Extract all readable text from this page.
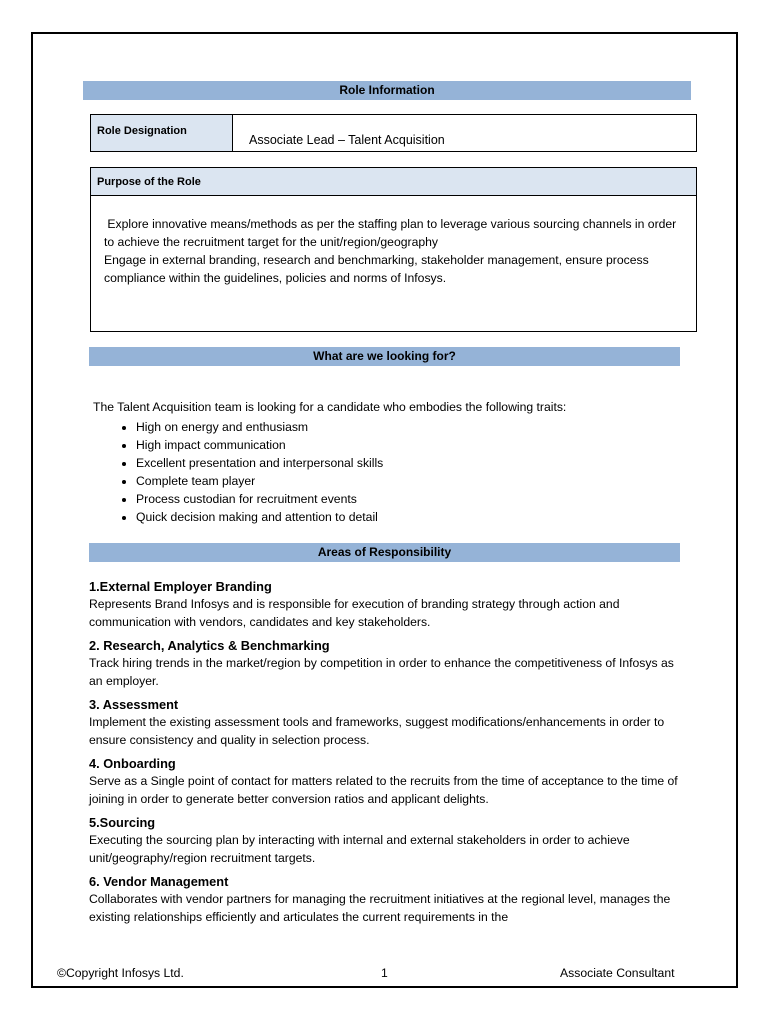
Role Information
Role Designation
Associate Lead – Talent Acquisition
Purpose of the Role

Explore innovative means/methods as per the staffing plan to leverage various sourcing channels in order to achieve the recruitment target for the unit/region/geography

Engage in external branding, research and benchmarking, stakeholder management, ensure process compliance within the guidelines, policies and norms of Infosys.

What are we looking for?
The Talent Acquisition team is looking for a candidate who embodies the following traits:
• High on energy and enthusiasm
• High impact communication
• Excellent presentation and interpersonal skills
• Complete team player
• Process custodian for recruitment events
• Quick decision making and attention to detail
Areas of Responsibility
1.External Employer Branding

Represents Brand Infosys and is responsible for execution of branding strategy through action and communication with vendors, candidates and key stakeholders.

2. Research, Analytics & Benchmarking

Track hiring trends in the market/region by competition in order to enhance the competitiveness of Infosys as an employer.

3. Assessment

Implement the existing assessment tools and frameworks, suggest modifications/enhancements in order to ensure consistency and quality in selection process.

4. Onboarding

Serve as a Single point of contact for matters related to the recruits from the time of acceptance to the time of joining in order to generate better conversion ratios and applicant delights.

5.Sourcing

Executing the sourcing plan by interacting with internal and external stakeholders in order to achieve unit/geography/region recruitment targets.

6. Vendor Management

Collaborates with vendor partners for managing the recruitment initiatives at the regional level, manages the existing relationships efficiently and articulates the current requirements in the

©Copyright Infosys Ltd.	1	Associate Consultant
